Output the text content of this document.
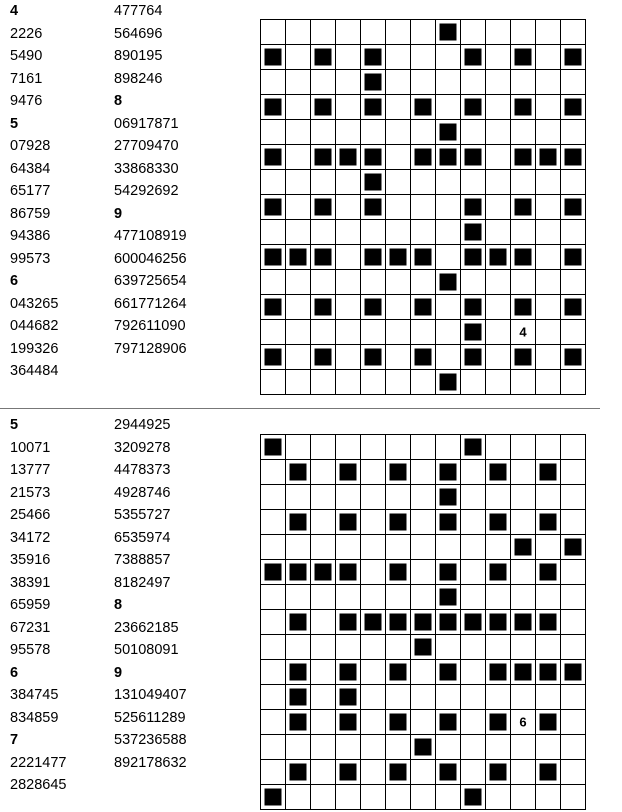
4
2226
5490
7161
9476
5
07928
64384
65177
86759
94386
99573
6
043265
044682
199326
364484
477764
564696
890195
898246
8
06917871
27709470
33868330
54292692
9
477108919
600046256
639725654
661771264
792611090
797128906
4
5
10071
13777
21573
25466
34172
35916
38391
65959
67231
95578
6
384745
834859
7
2221477
2828645
2944925
3209278
4478373
4928746
5355727
6535974
7388857
8182497
8
23662185
50108091
9
131049407
525611289
537236588
892178632
6
